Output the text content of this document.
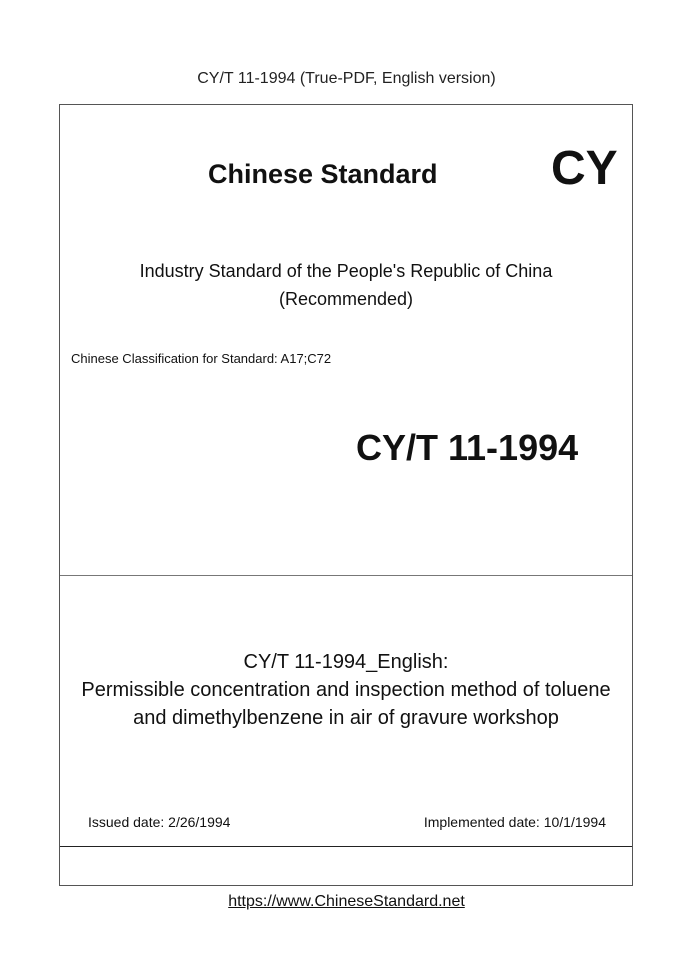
CY/T 11-1994 (True-PDF, English version)
Chinese Standard CY
Industry Standard of the People's Republic of China
(Recommended)
Chinese Classification for Standard: A17;C72
CY/T 11-1994
CY/T 11-1994_English:
Permissible concentration and inspection method of toluene
and dimethylbenzene in air of gravure workshop
Issued date: 2/26/1994	Implemented date: 10/1/1994
https://www.ChineseStandard.net
